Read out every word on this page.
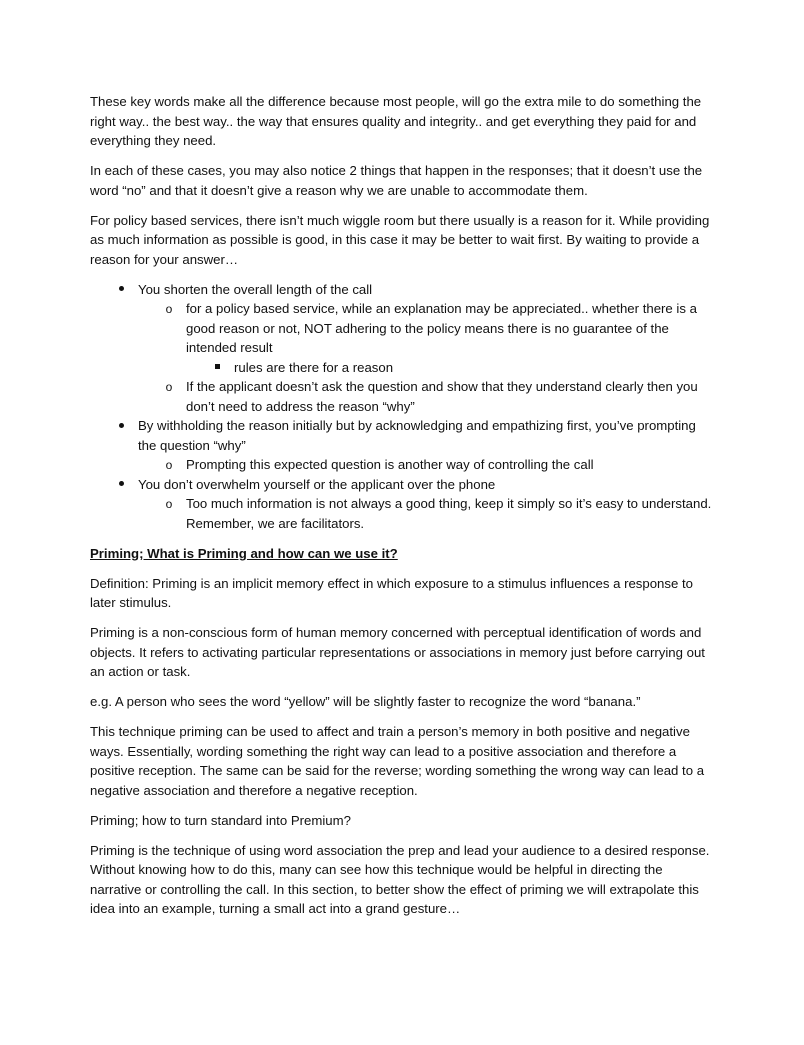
These key words make all the difference because most people, will go the extra mile to do something the right way.. the best way.. the way that ensures quality and integrity.. and get everything they paid for and everything they need.

In each of these cases, you may also notice 2 things that happen in the responses; that it doesn’t use the word “no” and that it doesn’t give a reason why we are unable to accommodate them.

For policy based services, there isn’t much wiggle room but there usually is a reason for it. While providing as much information as possible is good, in this case it may be better to wait first. By waiting to provide a reason for your answer…

You shorten the overall length of the call
o
for a policy based service, while an explanation may be appreciated.. whether there is a good reason or not, NOT adhering to the policy means there is no guarantee of the intended result
rules are there for a reason
o
If the applicant doesn’t ask the question and show that they understand clearly then you don’t need to address the reason “why”
By withholding the reason initially but by acknowledging and empathizing first, you’ve prompting the question “why”
o
Prompting this expected question is another way of controlling the call
You don’t overwhelm yourself or the applicant over the phone
o
Too much information is not always a good thing, keep it simply so it’s easy to understand. Remember, we are facilitators.

Priming; What is Priming and how can we use it?

Definition: Priming is an implicit memory effect in which exposure to a stimulus influences a response to later stimulus.

Priming is a non-conscious form of human memory concerned with perceptual identification of words and objects. It refers to activating particular representations or associations in memory just before carrying out an action or task.

e.g. A person who sees the word “yellow” will be slightly faster to recognize the word “banana.”

This technique priming can be used to affect and train a person’s memory in both positive and negative ways. Essentially, wording something the right way can lead to a positive association and therefore a positive reception. The same can be said for the reverse; wording something the wrong way can lead to a negative association and therefore a negative reception.

Priming; how to turn standard into Premium?

Priming is the technique of using word association the prep and lead your audience to a desired response. Without knowing how to do this, many can see how this technique would be helpful in directing the narrative or controlling the call. In this section, to better show the effect of priming we will extrapolate this idea into an example, turning a small act into a grand gesture…
